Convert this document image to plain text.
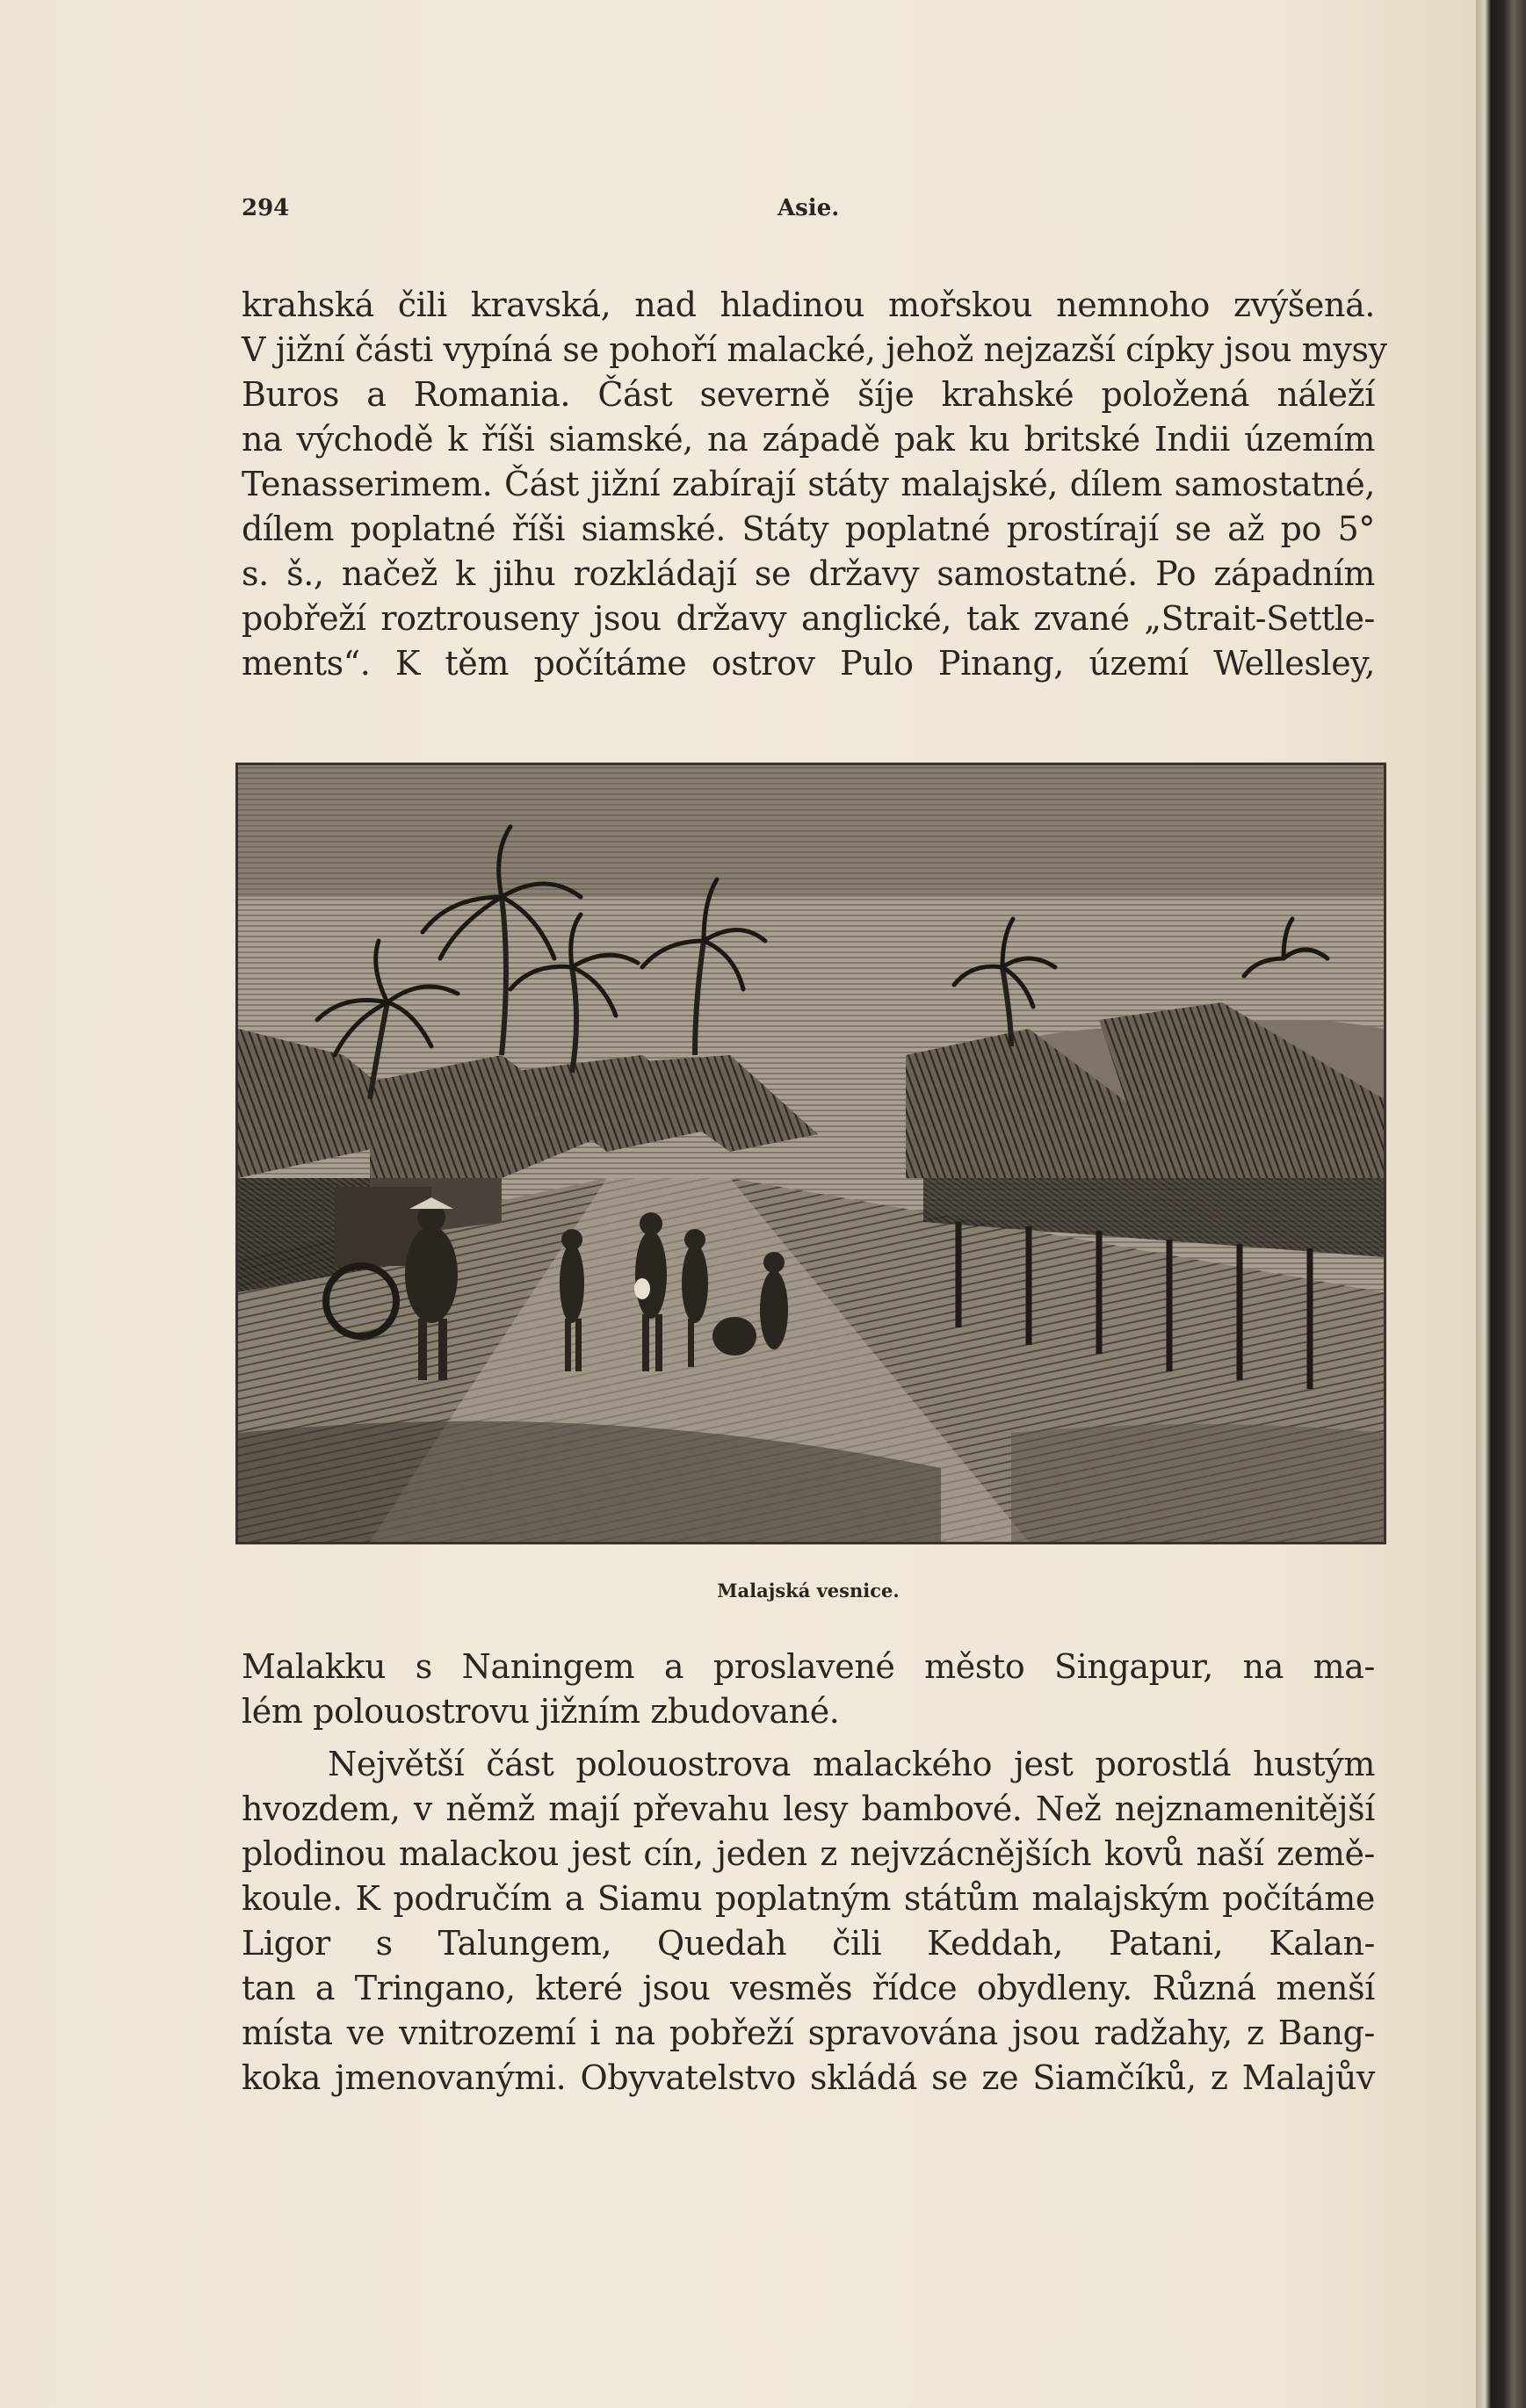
294	Asie.
krahská čili kravská, nad hladinou mořskou nemnoho zvýšená.
V jižní části vypíná se pohoří malacké, jehož nejzazší cípky jsou mysy
Buros a Romania. Část severně šíje krahské položená náleží
na východě k říši siamské, na západě pak ku britské Indii územím
Tenasserimem. Část jižní zabírají státy malajské, dílem samostatné,
dílem poplatné říši siamské. Státy poplatné prostírají se až po 5°
s. š., načež k jihu rozkládají se državy samostatné. Po západním
pobřeží roztrouseny jsou državy anglické, tak zvané „Strait-Settle-
ments“. K těm počítáme ostrov Pulo Pinang, území Wellesley,
Malajská vesnice.
Malakku s Naningem a proslavené město Singapur, na ma-
lém polouostrovu jižním zbudované.
Největší část polouostrova malackého jest porostlá hustým
hvozdem, v němž mají převahu lesy bambové. Než nejznamenitější
plodinou malackou jest cín, jeden z nejvzácnějších kovů naší země-
koule. K područím a Siamu poplatným státům malajským počítáme
Ligor s Talungem, Quedah čili Keddah, Patani, Kalan-
tan a Tringano, které jsou vesměs řídce obydleny. Různá menší
místa ve vnitrozemí i na pobřeží spravována jsou radžahy, z Bang-
koka jmenovanými. Obyvatelstvo skládá se ze Siamčíků, z Malajův
